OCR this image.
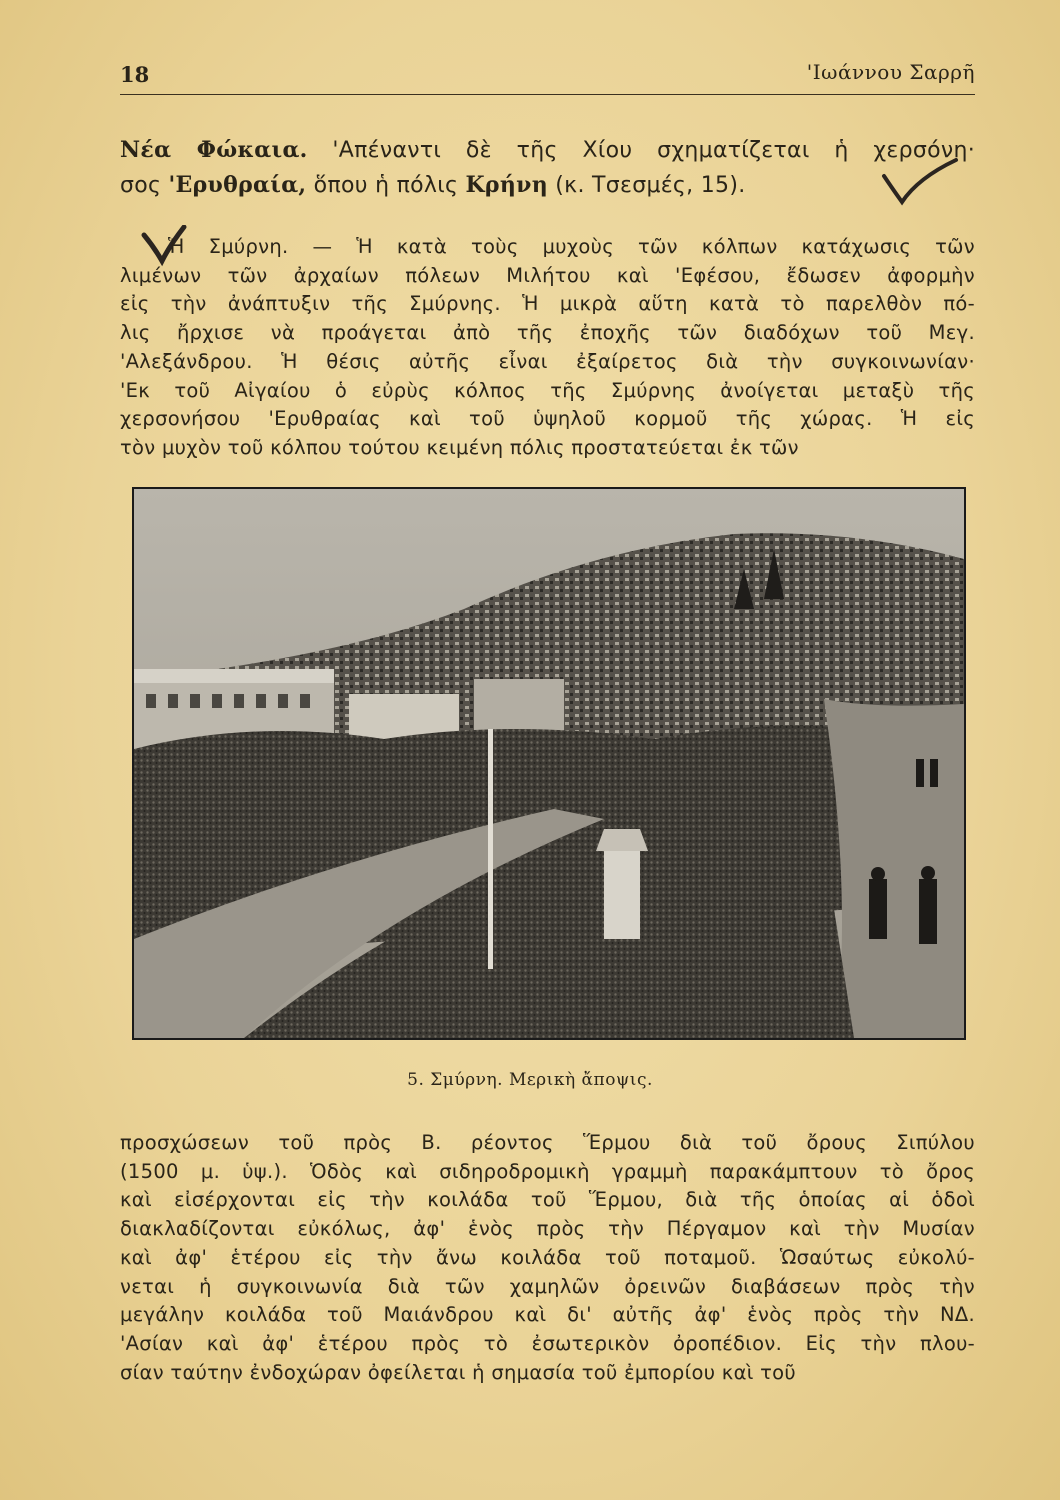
18	'Ιωάννου Σαρρῆ
Νέα Φώκαια. 'Απέναντι δὲ τῆς Χίου σχηματίζεται ἡ χερσόνη·
σος 'Ερυθραία, ὅπου ἡ πόλις Κρήνη (κ. Τσεσμές, 15).
Ἡ Σμύρνη. — Ἡ κατὰ τοὺς μυχοὺς τῶν κόλπων κατάχωσις τῶν
λιμένων τῶν ἀρχαίων πόλεων Μιλήτου καὶ 'Εφέσου, ἔδωσεν ἀφορμὴν
εἰς τὴν ἀνάπτυξιν τῆς Σμύρνης. Ἡ μικρὰ αὕτη κατὰ τὸ παρελθὸν πό-
λις ἤρχισε νὰ προάγεται ἀπὸ τῆς ἐποχῆς τῶν διαδόχων τοῦ Μεγ.
'Αλεξάνδρου. Ἡ θέσις αὐτῆς εἶναι ἐξαίρετος διὰ τὴν συγκοινωνίαν·
'Εκ τοῦ Αἰγαίου ὁ εὐρὺς κόλπος τῆς Σμύρνης ἀνοίγεται μεταξὺ τῆς
χερσονήσου 'Ερυθραίας καὶ τοῦ ὑψηλοῦ κορμοῦ τῆς χώρας. Ἡ εἰς
τὸν μυχὸν τοῦ κόλπου τούτου κειμένη πόλις προστατεύεται ἐκ τῶν
5. Σμύρνη. Μερικὴ ἄποψις.
προσχώσεων τοῦ πρὸς Β. ρέοντος Ἕρμου διὰ τοῦ ὄρους Σιπύλου
(1500 μ. ὑψ.). Ὁδὸς καὶ σιδηροδρομικὴ γραμμὴ παρακάμπτουν τὸ ὄρος
καὶ εἰσέρχονται εἰς τὴν κοιλάδα τοῦ Ἕρμου, διὰ τῆς ὁποίας αἱ ὁδοὶ
διακλαδίζονται εὐκόλως, ἀφ' ἑνὸς πρὸς τὴν Πέργαμον καὶ τὴν Μυσίαν
καὶ ἀφ' ἑτέρου εἰς τὴν ἄνω κοιλάδα τοῦ ποταμοῦ. Ὡσαύτως εὐκολύ-
νεται ἡ συγκοινωνία διὰ τῶν χαμηλῶν ὀρεινῶν διαβάσεων πρὸς τὴν
μεγάλην κοιλάδα τοῦ Μαιάνδρου καὶ δι' αὐτῆς ἀφ' ἑνὸς πρὸς τὴν ΝΔ.
'Ασίαν καὶ ἀφ' ἑτέρου πρὸς τὸ ἐσωτερικὸν ὀροπέδιον. Εἰς τὴν πλου-
σίαν ταύτην ἐνδοχώραν ὀφείλεται ἡ σημασία τοῦ ἐμπορίου καὶ τοῦ
